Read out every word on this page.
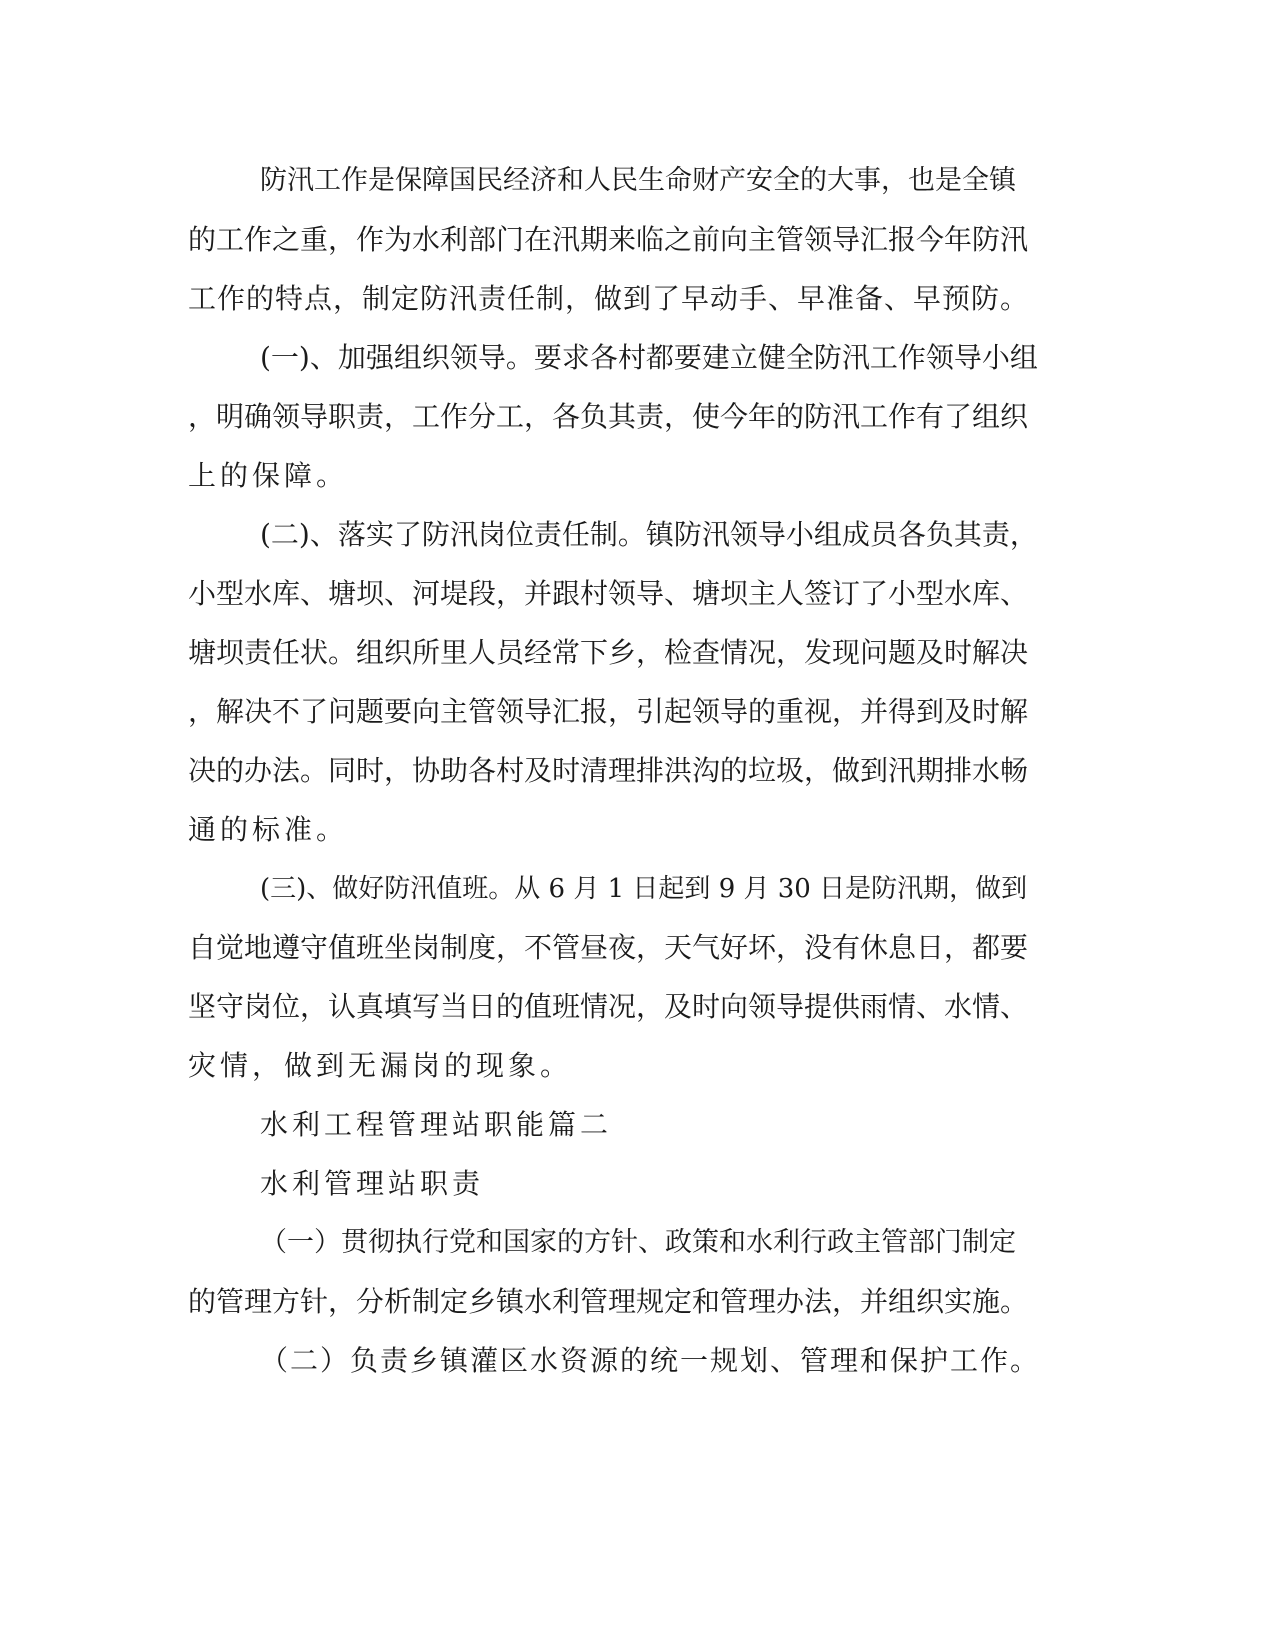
防汛工作是保障国民经济和人民生命财产安全的大事，也是全镇
的工作之重，作为水利部门在汛期来临之前向主管领导汇报今年防汛
工作的特点，制定防汛责任制，做到了早动手、早准备、早预防。
(一)、加强组织领导。要求各村都要建立健全防汛工作领导小组
，明确领导职责，工作分工，各负其责，使今年的防汛工作有了组织
上的保障。
(二)、落实了防汛岗位责任制。镇防汛领导小组成员各负其责，
小型水库、塘坝、河堤段，并跟村领导、塘坝主人签订了小型水库、
塘坝责任状。组织所里人员经常下乡，检查情况，发现问题及时解决
，解决不了问题要向主管领导汇报，引起领导的重视，并得到及时解
决的办法。同时，协助各村及时清理排洪沟的垃圾，做到汛期排水畅
通的标准。
(三)、做好防汛值班。从 6 月 1 日起到 9 月 30 日是防汛期，做到
自觉地遵守值班坐岗制度，不管昼夜，天气好坏，没有休息日，都要
坚守岗位，认真填写当日的值班情况，及时向领导提供雨情、水情、
灾情，做到无漏岗的现象。
水利工程管理站职能篇二
水利管理站职责
（一）贯彻执行党和国家的方针、政策和水利行政主管部门制定
的管理方针，分析制定乡镇水利管理规定和管理办法，并组织实施。
（二）负责乡镇灌区水资源的统一规划、管理和保护工作。
